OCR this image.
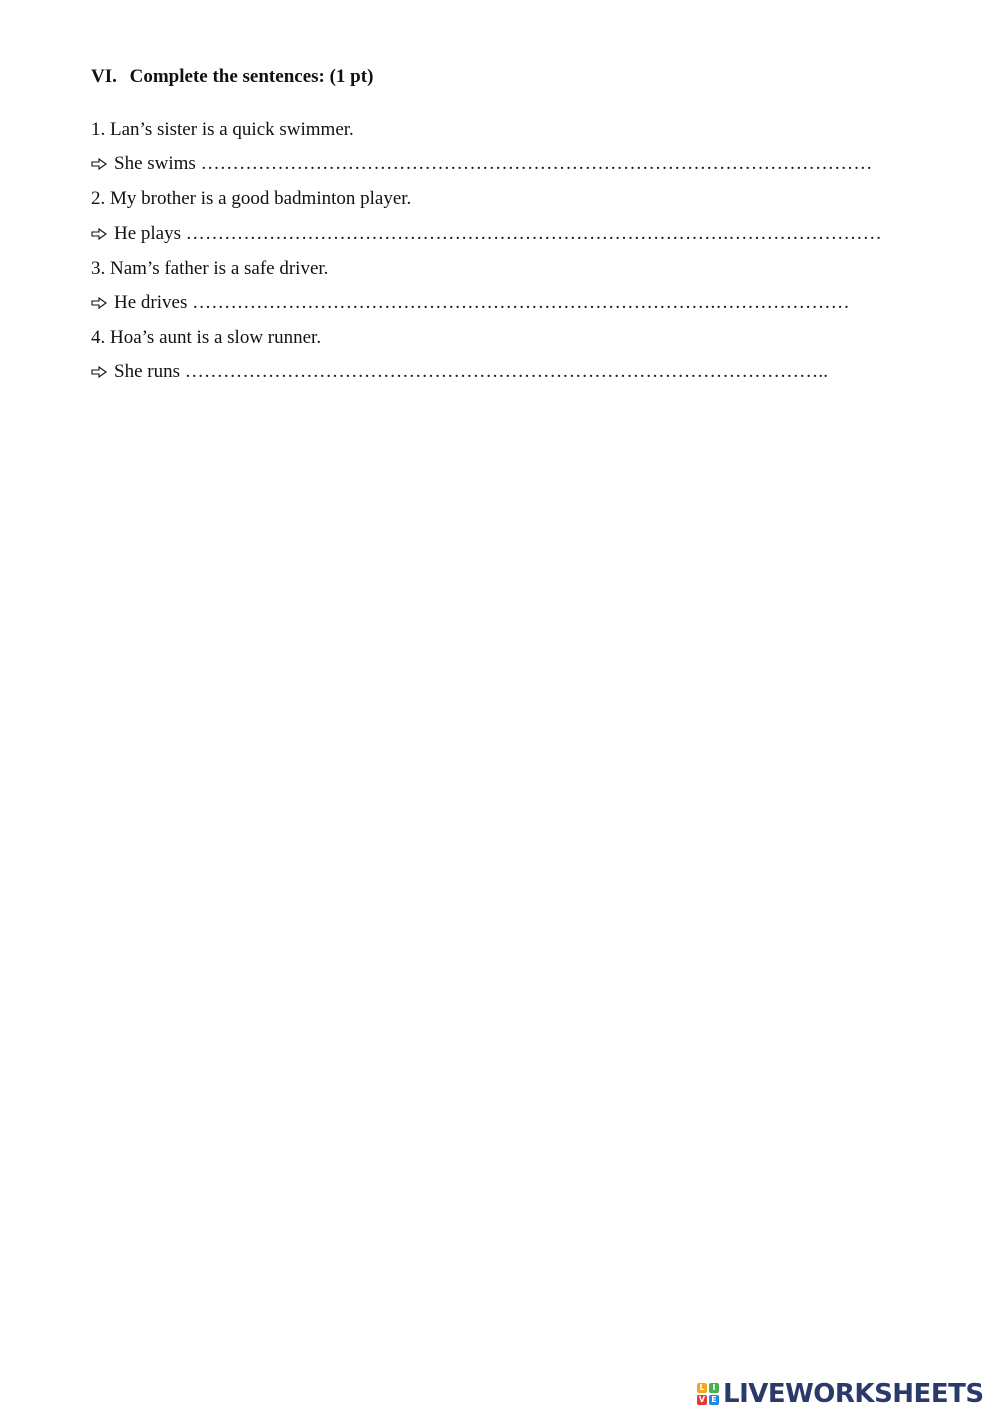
VI. Complete the sentences: (1 pt)
1. Lan’s sister is a quick swimmer.
She swims ……………………………………………………………………………………………
2. My brother is a good badminton player.
He plays ………………………………………………………………………….……………………
3. Nam’s father is a safe driver.
He drives ……………………………………………………………………….…………………
4. Hoa’s aunt is a slow runner.
She runs ………………………………………………………………………………………..
L I
V E LIVEWORKSHEETS
